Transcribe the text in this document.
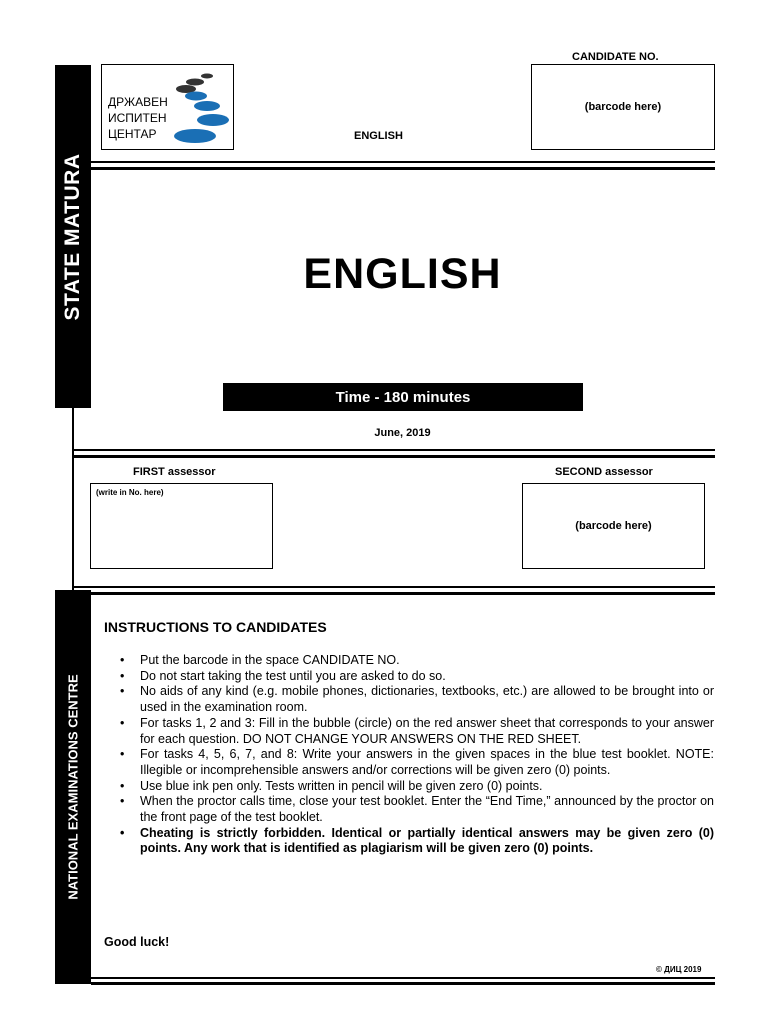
STATE MATURA
NATIONAL EXAMINATIONS CENTRE
ДРЖАВЕН
ИСПИТЕН
ЦЕНТАР	ENGLISH
CANDIDATE NO.
(barcode here)
ENGLISH
Time - 180 minutes
June, 2019
FIRST assessor
(write in No. here)
SECOND assessor
(barcode here)
INSTRUCTIONS TO CANDIDATES
• Put the barcode in the space CANDIDATE NO.
• Do not start taking the test until you are asked to do so.
• No aids of any kind (e.g. mobile phones, dictionaries, textbooks, etc.) are allowed to be brought into or used in the examination room.
• For tasks 1, 2 and 3: Fill in the bubble (circle) on the red answer sheet that corresponds to your answer for each question. DO NOT CHANGE YOUR ANSWERS ON THE RED SHEET.
• For tasks 4, 5, 6, 7, and 8: Write your answers in the given spaces in the blue test booklet. NOTE: Illegible or incomprehensible answers and/or corrections will be given zero (0) points.
• Use blue ink pen only. Tests written in pencil will be given zero (0) points.
• When the proctor calls time, close your test booklet. Enter the “End Time,” announced by the proctor on the front page of the test booklet.
• Cheating is strictly forbidden. Identical or partially identical answers may be given zero (0) points. Any work that is identified as plagiarism will be given zero (0) points.
Good luck!
© ДИЦ 2019
